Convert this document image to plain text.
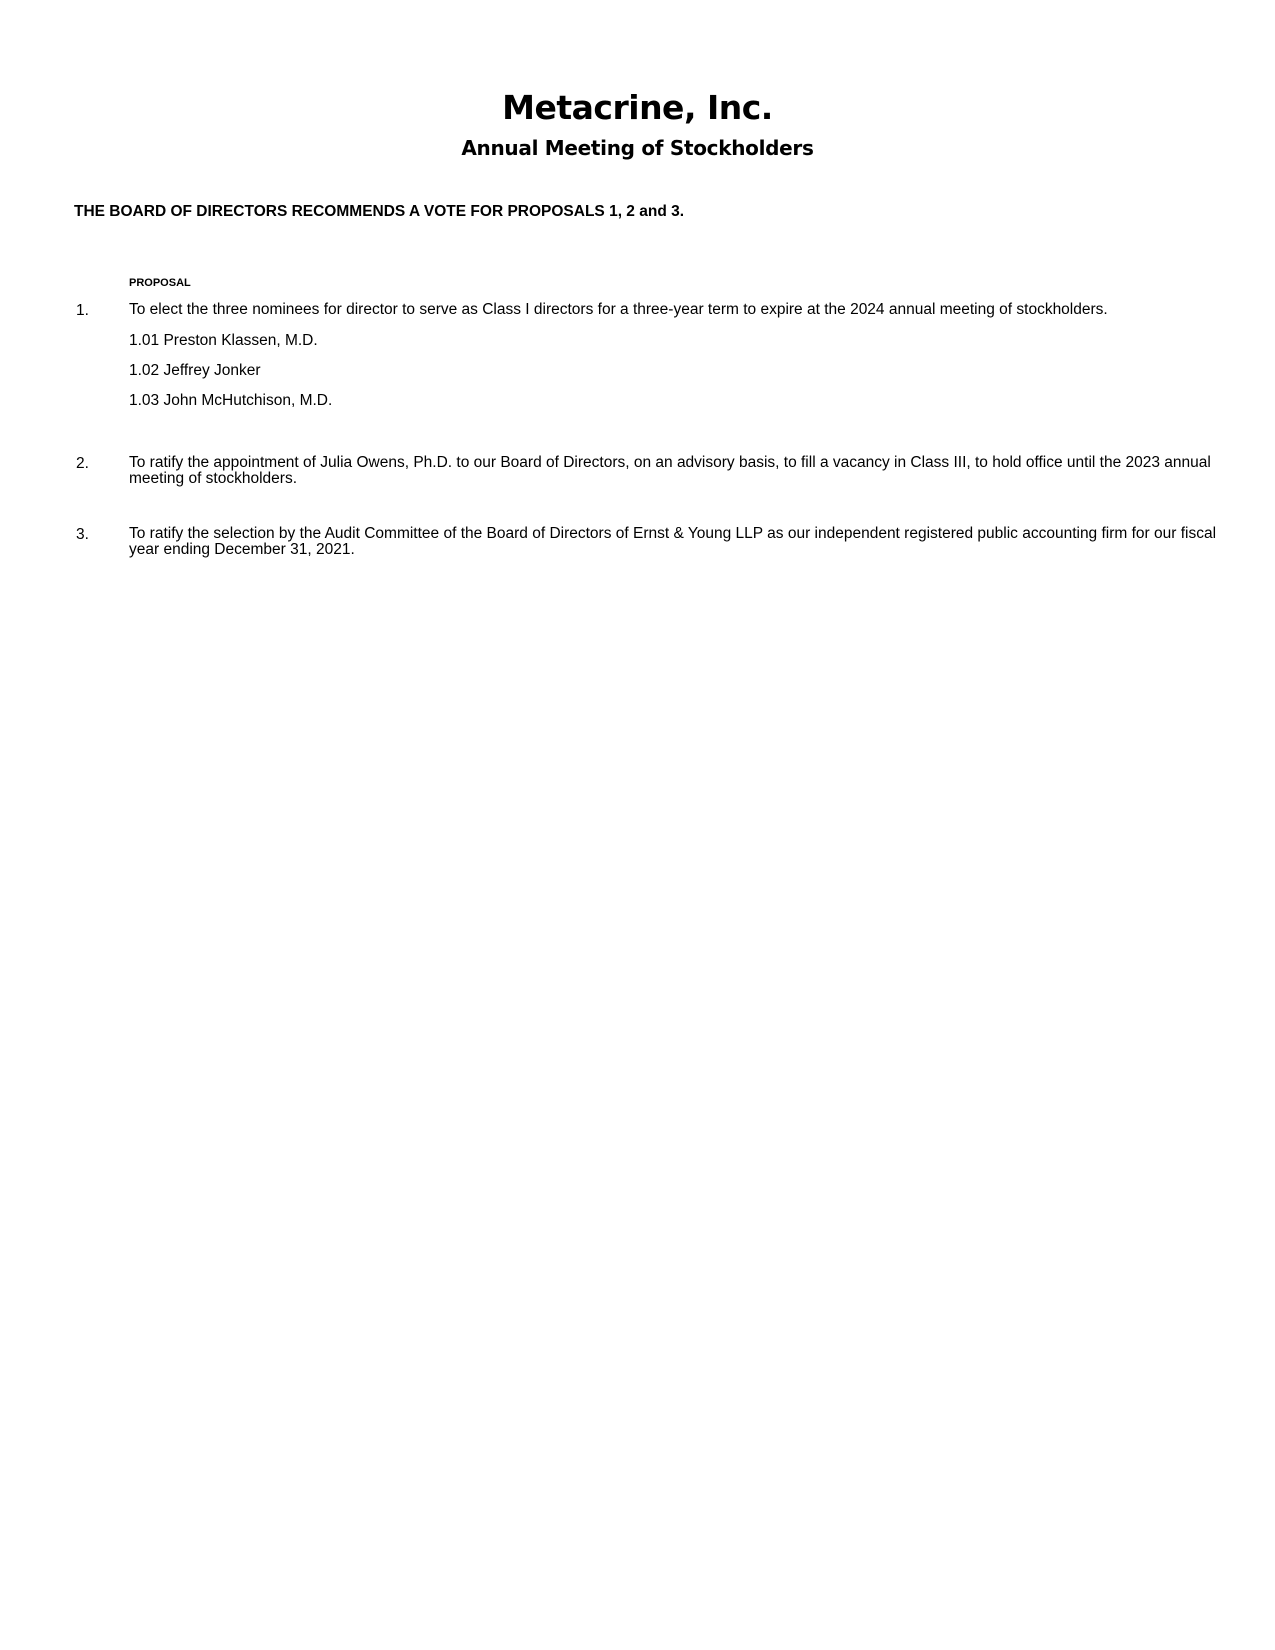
Metacrine, Inc.
Annual Meeting of Stockholders
THE BOARD OF DIRECTORS RECOMMENDS A VOTE FOR PROPOSALS 1, 2 and 3.
PROPOSAL
1.	To elect the three nominees for director to serve as Class I directors for a three-year term to expire at the 2024 annual meeting of stockholders.
1.01 Preston Klassen, M.D.
1.02 Jeffrey Jonker
1.03 John McHutchison, M.D.
2.	To ratify the appointment of Julia Owens, Ph.D. to our Board of Directors, on an advisory basis, to fill a vacancy in Class III, to hold office until the 2023 annual meeting of stockholders.
3.	To ratify the selection by the Audit Committee of the Board of Directors of Ernst & Young LLP as our independent registered public accounting firm for our fiscal year ending December 31, 2021.
